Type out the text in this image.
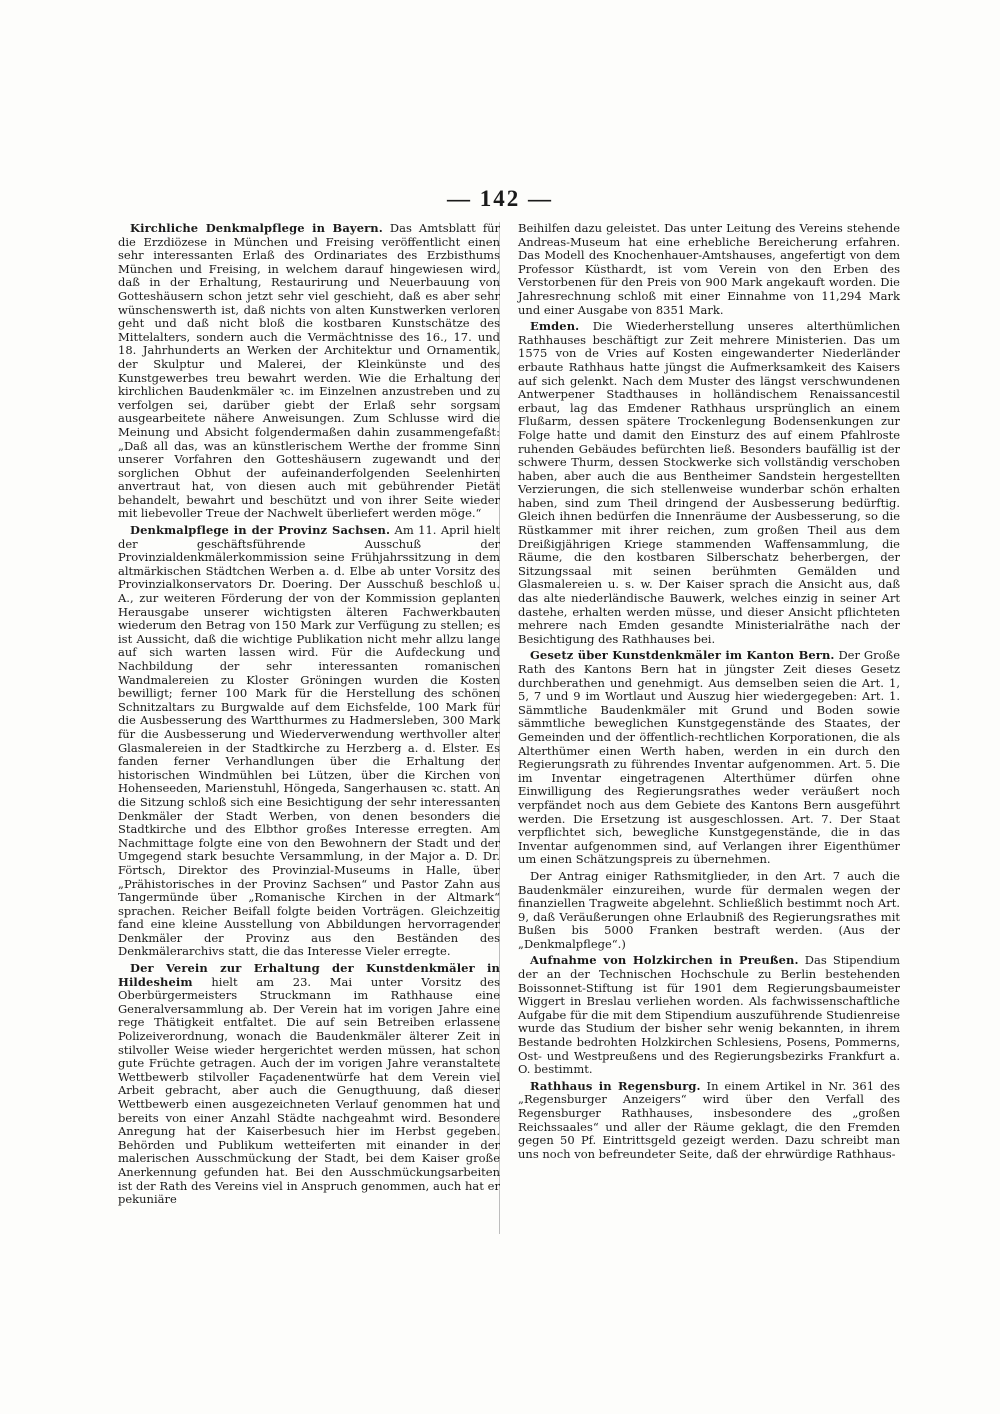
— 142 —

Kirchliche Denkmalpflege in Bayern. Das Amtsblatt für die Erzdiözese in München und Freising veröffentlicht einen sehr interessanten Erlaß des Ordinariates des Erzbisthums München und Freising, in welchem darauf hingewiesen wird, daß in der Erhaltung, Restaurirung und Neuerbauung von Gotteshäusern schon jetzt sehr viel geschieht, daß es aber sehr wünschenswerth ist, daß nichts von alten Kunstwerken verloren geht und daß nicht bloß die kostbaren Kunstschätze des Mittelalters, sondern auch die Vermächtnisse des 16., 17. und 18. Jahrhunderts an Werken der Architektur und Ornamentik, der Skulptur und Malerei, der Kleinkünste und des Kunstgewerbes treu bewahrt werden. Wie die Erhaltung der kirchlichen Baudenkmäler ꝛc. im Einzelnen anzustreben und zu verfolgen sei, darüber giebt der Erlaß sehr sorgsam ausgearbeitete nähere Anweisungen. Zum Schlusse wird die Meinung und Absicht folgendermaßen dahin zusammengefaßt: „Daß all das, was an künstlerischem Werthe der fromme Sinn unserer Vorfahren den Gotteshäusern zugewandt und der sorglichen Obhut der aufeinanderfolgenden Seelenhirten anvertraut hat, von diesen auch mit gebührender Pietät behandelt, bewahrt und beschützt und von ihrer Seite wieder mit liebevoller Treue der Nachwelt überliefert werden möge.“

Denkmalpflege in der Provinz Sachsen. Am 11. April hielt der geschäftsführende Ausschuß der Provinzialdenkmälerkommission seine Frühjahrssitzung in dem altmärkischen Städtchen Werben a. d. Elbe ab unter Vorsitz des Provinzialkonservators Dr. Doering. Der Ausschuß beschloß u. A., zur weiteren Förderung der von der Kommission geplanten Herausgabe unserer wichtigsten älteren Fachwerkbauten wiederum den Betrag von 150 Mark zur Verfügung zu stellen; es ist Aussicht, daß die wichtige Publikation nicht mehr allzu lange auf sich warten lassen wird. Für die Aufdeckung und Nachbildung der sehr interessanten romanischen Wandmalereien zu Kloster Gröningen wurden die Kosten bewilligt; ferner 100 Mark für die Herstellung des schönen Schnitzaltars zu Burgwalde auf dem Eichsfelde, 100 Mark für die Ausbesserung des Wartthurmes zu Hadmersleben, 300 Mark für die Ausbesserung und Wiederverwendung werthvoller alter Glasmalereien in der Stadtkirche zu Herzberg a. d. Elster. Es fanden ferner Verhandlungen über die Erhaltung der historischen Windmühlen bei Lützen, über die Kirchen von Hohenseeden, Marienstuhl, Höngeda, Sangerhausen ꝛc. statt. An die Sitzung schloß sich eine Besichtigung der sehr interessanten Denkmäler der Stadt Werben, von denen besonders die Stadtkirche und des Elbthor großes Interesse erregten. Am Nachmittage folgte eine von den Bewohnern der Stadt und der Umgegend stark besuchte Versammlung, in der Major a. D. Dr. Förtsch, Direktor des Provinzial-Museums in Halle, über „Prähistorisches in der Provinz Sachsen“ und Pastor Zahn aus Tangermünde über „Romanische Kirchen in der Altmark“ sprachen. Reicher Beifall folgte beiden Vorträgen. Gleichzeitig fand eine kleine Ausstellung von Abbildungen hervorragender Denkmäler der Provinz aus den Beständen des Denkmälerarchivs statt, die das Interesse Vieler erregte.

Der Verein zur Erhaltung der Kunstdenkmäler in Hildesheim hielt am 23. Mai unter Vorsitz des Oberbürgermeisters Struckmann im Rathhause eine Generalversammlung ab. Der Verein hat im vorigen Jahre eine rege Thätigkeit entfaltet. Die auf sein Betreiben erlassene Polizeiverordnung, wonach die Baudenkmäler älterer Zeit in stilvoller Weise wieder hergerichtet werden müssen, hat schon gute Früchte getragen. Auch der im vorigen Jahre veranstaltete Wettbewerb stilvoller Façadenentwürfe hat dem Verein viel Arbeit gebracht, aber auch die Genugthuung, daß dieser Wettbewerb einen ausgezeichneten Verlauf genommen hat und bereits von einer Anzahl Städte nachgeahmt wird. Besondere Anregung hat der Kaiserbesuch hier im Herbst gegeben. Behörden und Publikum wetteiferten mit einander in der malerischen Ausschmückung der Stadt, bei dem Kaiser große Anerkennung gefunden hat. Bei den Ausschmückungsarbeiten ist der Rath des Vereins viel in Anspruch genommen, auch hat er pekuniäre

Beihilfen dazu geleistet. Das unter Leitung des Vereins stehende Andreas-Museum hat eine erhebliche Bereicherung erfahren. Das Modell des Knochenhauer-Amtshauses, angefertigt von dem Professor Küsthardt, ist vom Verein von den Erben des Verstorbenen für den Preis von 900 Mark angekauft worden. Die Jahresrechnung schloß mit einer Einnahme von 11,294 Mark und einer Ausgabe von 8351 Mark.

Emden. Die Wiederherstellung unseres alterthümlichen Rathhauses beschäftigt zur Zeit mehrere Ministerien. Das um 1575 von de Vries auf Kosten eingewanderter Niederländer erbaute Rathhaus hatte jüngst die Aufmerksamkeit des Kaisers auf sich gelenkt. Nach dem Muster des längst verschwundenen Antwerpener Stadthauses in holländischem Renaissancestil erbaut, lag das Emdener Rathhaus ursprünglich an einem Flußarm, dessen spätere Trockenlegung Bodensenkungen zur Folge hatte und damit den Einsturz des auf einem Pfahlroste ruhenden Gebäudes befürchten ließ. Besonders baufällig ist der schwere Thurm, dessen Stockwerke sich vollständig verschoben haben, aber auch die aus Bentheimer Sandstein hergestellten Verzierungen, die sich stellenweise wunderbar schön erhalten haben, sind zum Theil dringend der Ausbesserung bedürftig. Gleich ihnen bedürfen die Innenräume der Ausbesserung, so die Rüstkammer mit ihrer reichen, zum großen Theil aus dem Dreißigjährigen Kriege stammenden Waffensammlung, die Räume, die den kostbaren Silberschatz beherbergen, der Sitzungssaal mit seinen berühmten Gemälden und Glasmalereien u. s. w. Der Kaiser sprach die Ansicht aus, daß das alte niederländische Bauwerk, welches einzig in seiner Art dastehe, erhalten werden müsse, und dieser Ansicht pflichteten mehrere nach Emden gesandte Ministerialräthe nach der Besichtigung des Rathhauses bei.

Gesetz über Kunstdenkmäler im Kanton Bern. Der Große Rath des Kantons Bern hat in jüngster Zeit dieses Gesetz durchberathen und genehmigt. Aus demselben seien die Art. 1, 5, 7 und 9 im Wortlaut und Auszug hier wiedergegeben: Art. 1. Sämmtliche Baudenkmäler mit Grund und Boden sowie sämmtliche beweglichen Kunstgegenstände des Staates, der Gemeinden und der öffentlich-rechtlichen Korporationen, die als Alterthümer einen Werth haben, werden in ein durch den Regierungsrath zu führendes Inventar aufgenommen. Art. 5. Die im Inventar eingetragenen Alterthümer dürfen ohne Einwilligung des Regierungsrathes weder veräußert noch verpfändet noch aus dem Gebiete des Kantons Bern ausgeführt werden. Die Ersetzung ist ausgeschlossen. Art. 7. Der Staat verpflichtet sich, bewegliche Kunstgegenstände, die in das Inventar aufgenommen sind, auf Verlangen ihrer Eigenthümer um einen Schätzungspreis zu übernehmen.

Der Antrag einiger Rathsmitglieder, in den Art. 7 auch die Baudenkmäler einzureihen, wurde für dermalen wegen der finanziellen Tragweite abgelehnt. Schließlich bestimmt noch Art. 9, daß Veräußerungen ohne Erlaubniß des Regierungsrathes mit Bußen bis 5000 Franken bestraft werden. (Aus der „Denkmalpflege“.)

Aufnahme von Holzkirchen in Preußen. Das Stipendium der an der Technischen Hochschule zu Berlin bestehenden Boissonnet-Stiftung ist für 1901 dem Regierungsbaumeister Wiggert in Breslau verliehen worden. Als fachwissenschaftliche Aufgabe für die mit dem Stipendium auszuführende Studienreise wurde das Studium der bisher sehr wenig bekannten, in ihrem Bestande bedrohten Holzkirchen Schlesiens, Posens, Pommerns, Ost- und Westpreußens und des Regierungsbezirks Frankfurt a. O. bestimmt.

Rathhaus in Regensburg. In einem Artikel in Nr. 361 des „Regensburger Anzeigers“ wird über den Verfall des Regensburger Rathhauses, insbesondere des „großen Reichssaales“ und aller der Räume geklagt, die den Fremden gegen 50 Pf. Eintrittsgeld gezeigt werden. Dazu schreibt man uns noch von befreundeter Seite, daß der ehrwürdige Rathhaus-
